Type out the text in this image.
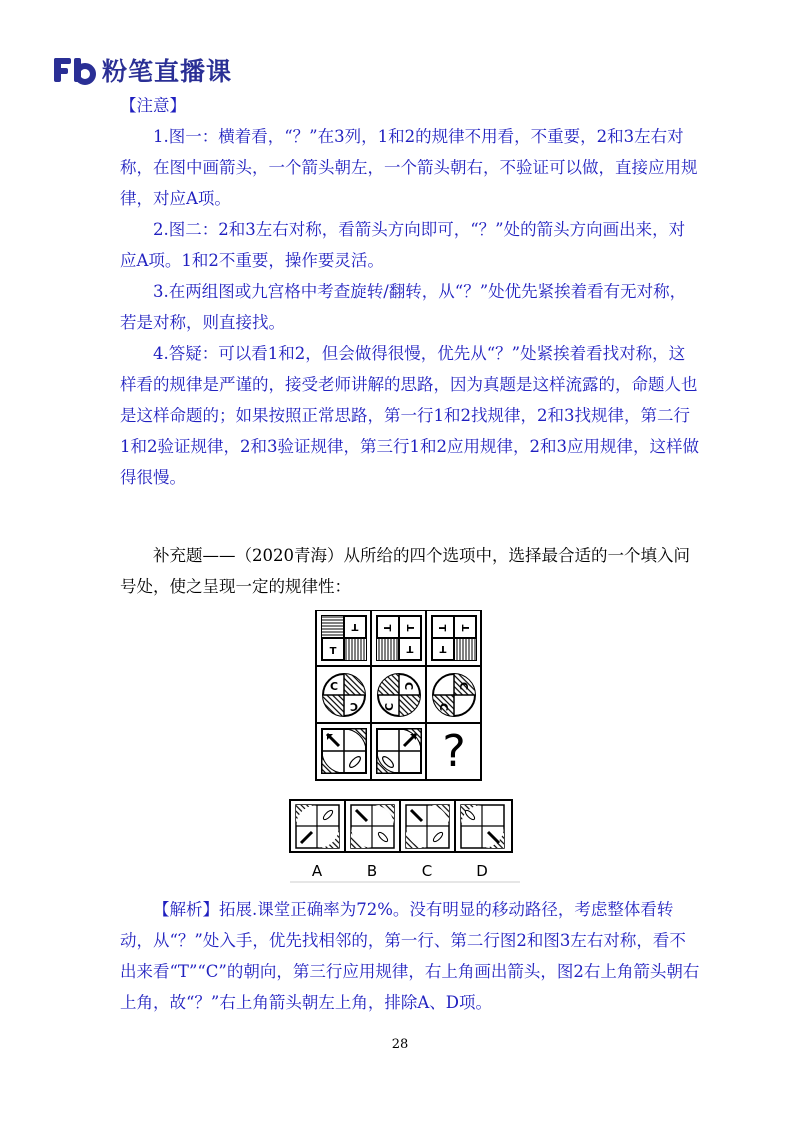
粉笔直播课

【注意】

1.图一：横着看，“？”在3列，1和2的规律不用看，不重要，2和3左右对称，在图中画箭头，一个箭头朝左，一个箭头朝右，不验证可以做，直接应用规律，对应A项。

2.图二：2和3左右对称，看箭头方向即可，“？”处的箭头方向画出来，对应A项。1和2不重要，操作要灵活。

3.在两组图或九宫格中考查旋转/翻转，从“？”处优先紧挨着看有无对称，若是对称，则直接找。

4.答疑：可以看1和2，但会做得很慢，优先从“？”处紧挨着看找对称，这样看的规律是严谨的，接受老师讲解的思路，因为真题是这样流露的，命题人也是这样命题的；如果按照正常思路，第一行1和2找规律，2和3找规律，第二行1和2验证规律，2和3验证规律，第三行1和2应用规律，2和3应用规律，这样做得很慢。

补充题——（2020青海）从所给的四个选项中，选择最合适的一个填入问号处，使之呈现一定的规律性：

T
T
T T
T
T T
T
C
C
C
C
C
C
?
A	B	C	D

【解析】拓展.课堂正确率为72%。没有明显的移动路径，考虑整体看转动，从“？”处入手，优先找相邻的，第一行、第二行图2和图3左右对称，看不出来看“T”“C”的朝向，第三行应用规律，右上角画出箭头，图2右上角箭头朝右上角，故“？”右上角箭头朝左上角，排除A、D项。

28
